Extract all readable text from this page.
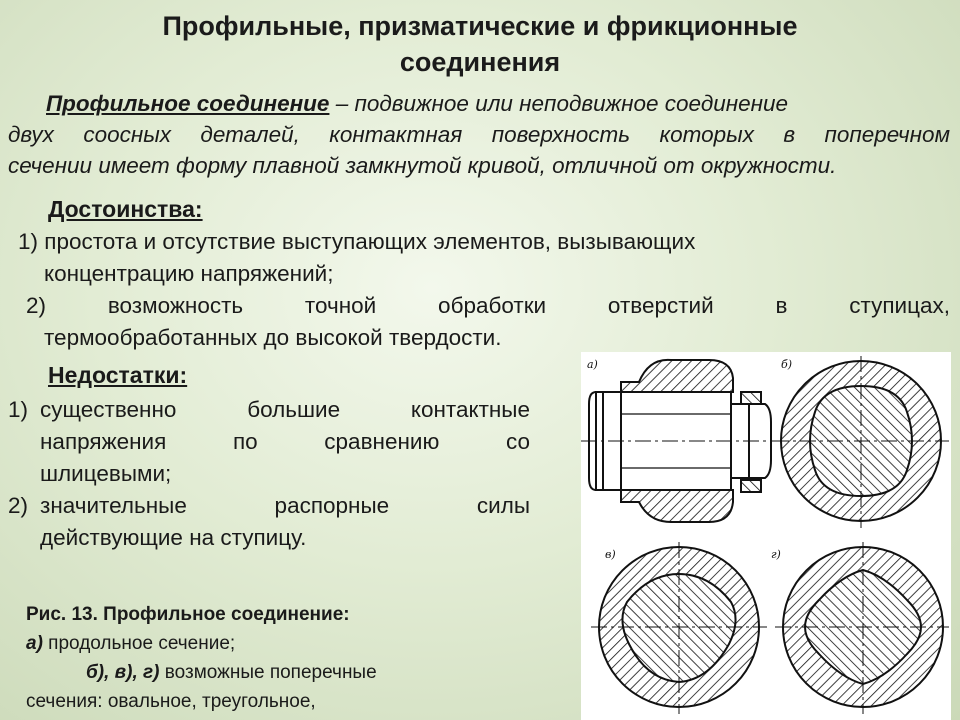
Профильные, призматические и фрикционные
соединения
Профильное соединение – подвижное или неподвижное соединение
двух соосных деталей, контактная поверхность которых в поперечном
сечении имеет форму плавной замкнутой кривой, отличной от окружности.
Достоинства:
1) простота и отсутствие выступающих элементов, вызывающих
концентрацию напряжений;
2) возможность точной обработки отверстий в ступицах,
термообработанных до высокой твердости.
Недостатки:
1) существенно большие контактные
напряжения по сравнению со
шлицевыми;
2) значительные распорные силы
действующие на ступицу.
а)	б)
в)	г)
Рис. 13. Профильное соединение:
а) продольное сечение;
б), в), г) возможные поперечные
сечения: овальное, треугольное,
